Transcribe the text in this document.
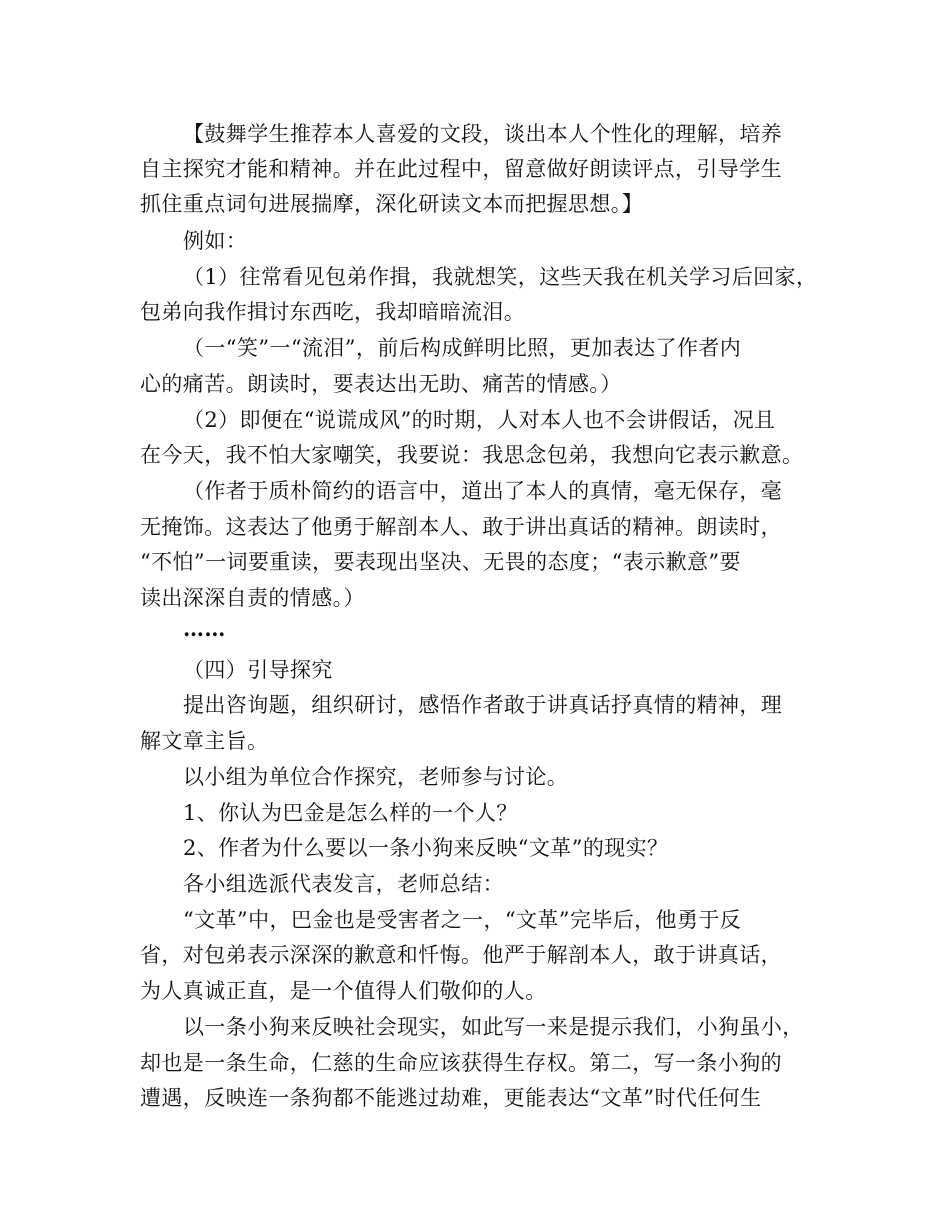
【鼓舞学生推荐本人喜爱的文段，谈出本人个性化的理解，培养
自主探究才能和精神。并在此过程中，留意做好朗读评点，引导学生
抓住重点词句进展揣摩，深化研读文本而把握思想。】
例如：
（1）往常看见包弟作揖，我就想笑，这些天我在机关学习后回家，
包弟向我作揖讨东西吃，我却暗暗流泪。
（一“笑”一“流泪”，前后构成鲜明比照，更加表达了作者内
心的痛苦。朗读时，要表达出无助、痛苦的情感。）
（2）即便在“说谎成风”的时期，人对本人也不会讲假话，况且
在今天，我不怕大家嘲笑，我要说：我思念包弟，我想向它表示歉意。
（作者于质朴简约的语言中，道出了本人的真情，毫无保存，毫
无掩饰。这表达了他勇于解剖本人、敢于讲出真话的精神。朗读时，
“不怕”一词要重读，要表现出坚决、无畏的态度；“表示歉意”要
读出深深自责的情感。）
……
（四）引导探究
提出咨询题，组织研讨，感悟作者敢于讲真话抒真情的精神，理
解文章主旨。
以小组为单位合作探究，老师参与讨论。
1、你认为巴金是怎么样的一个人？
2、作者为什么要以一条小狗来反映“文革”的现实？
各小组选派代表发言，老师总结：
“文革”中，巴金也是受害者之一，“文革”完毕后，他勇于反
省，对包弟表示深深的歉意和忏悔。他严于解剖本人，敢于讲真话，
为人真诚正直，是一个值得人们敬仰的人。
以一条小狗来反映社会现实，如此写一来是提示我们，小狗虽小，
却也是一条生命，仁慈的生命应该获得生存权。第二，写一条小狗的
遭遇，反映连一条狗都不能逃过劫难，更能表达“文革”时代任何生
